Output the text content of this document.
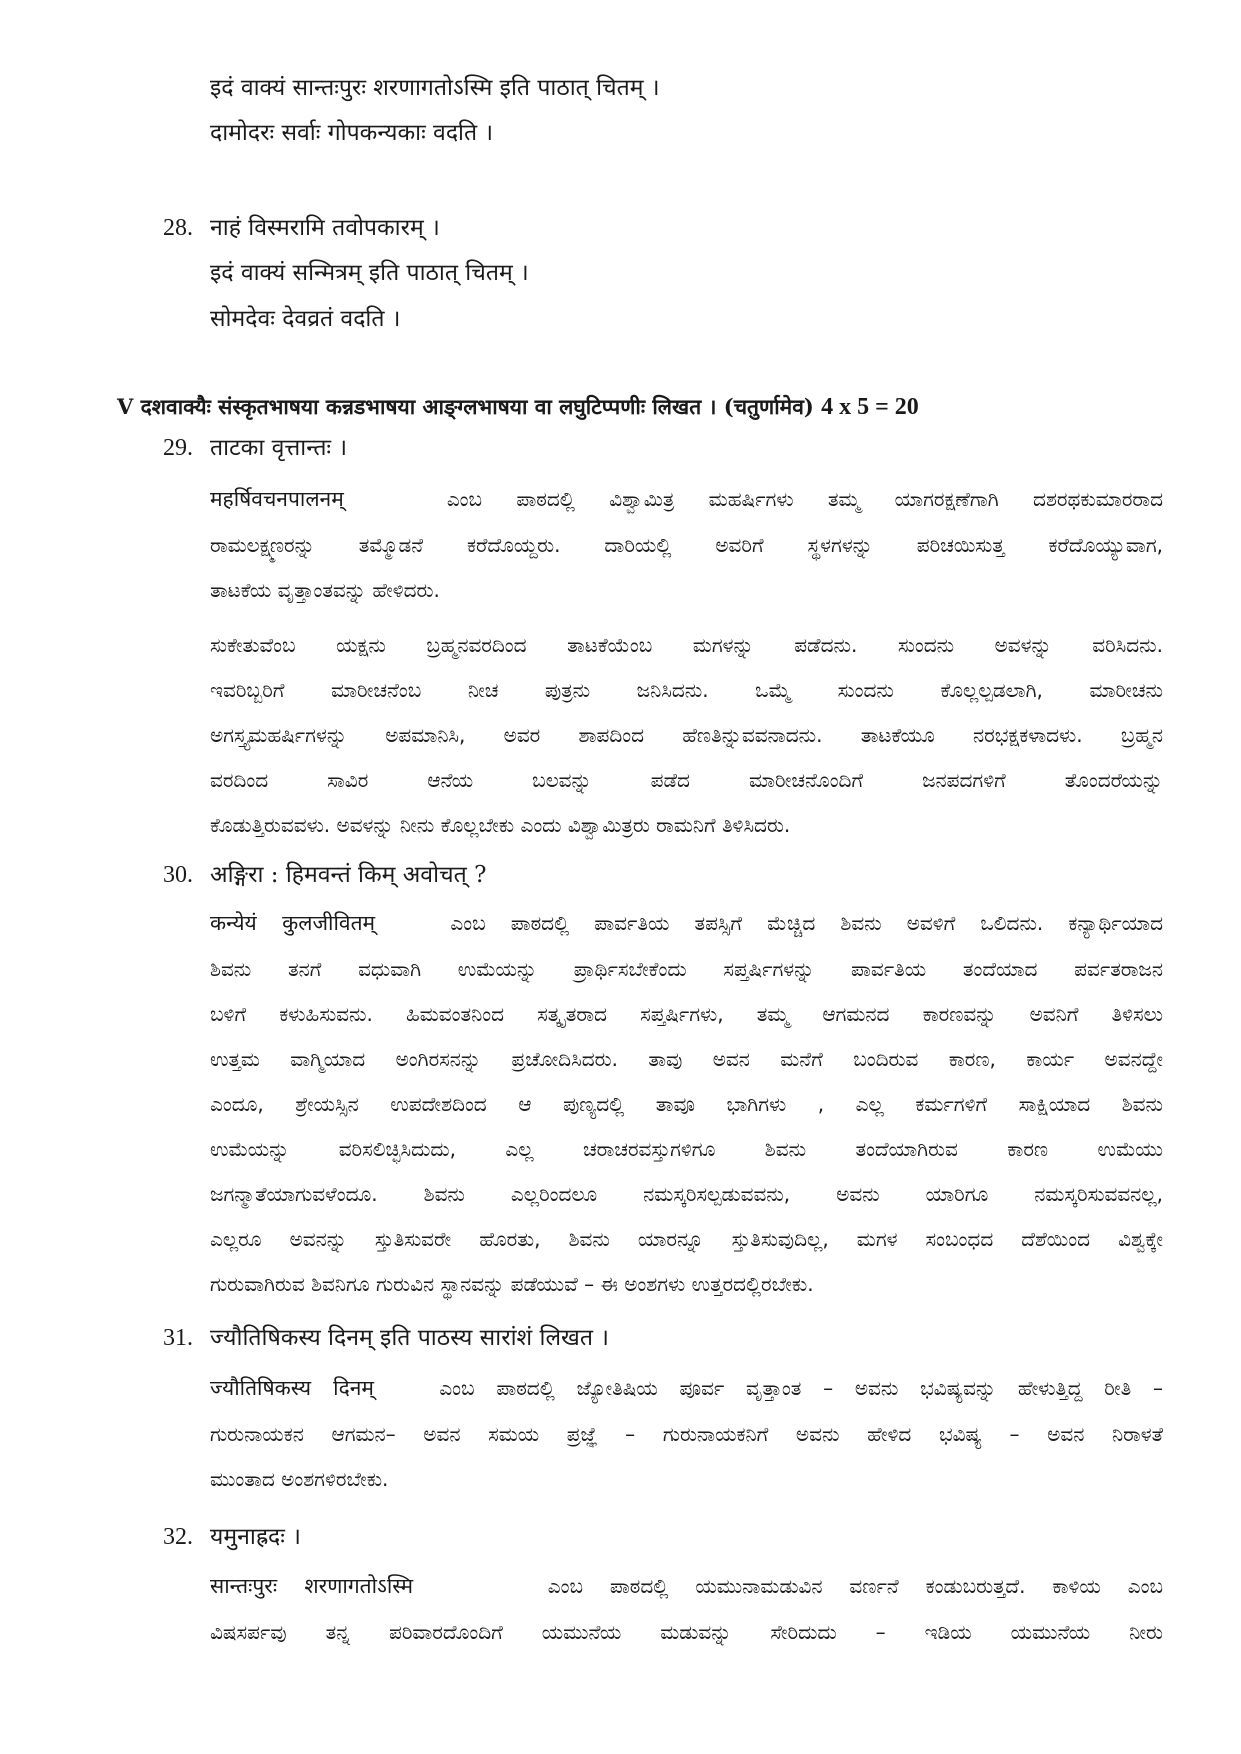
इदं वाक्यं सान्तःपुरः शरणागतोऽस्मि इति पाठात् चितम् ।
दामोदरः सर्वाः गोपकन्यकाः वदति ।
28. नाहं विस्मरामि तवोपकारम् ।
इदं वाक्यं सन्मित्रम् इति पाठात् चितम् ।
सोमदेवः देवव्रतं वदति ।
V दशवाक्यैः संस्कृतभाषया कन्नडभाषया आङ्ग्लभाषया वा लघुटिप्पणीः लिखत । (चतुर्णामेव) 4 x 5 = 20
29. ताटका वृत्तान्तः ।
महर्षिवचनपालनम्	ಎಂಬ ಪಾಠದಲ್ಲಿ ವಿಶ್ವಾಮಿತ್ರ ಮಹರ್ಷಿಗಳು ತಮ್ಮ ಯಾಗರಕ್ಷಣೆಗಾಗಿ ದಶರಥಕುಮಾರರಾದ
ರಾಮಲಕ್ಷ್ಮಣರನ್ನು ತಮ್ಮೊಡನೆ ಕರೆದೊಯ್ದರು. ದಾರಿಯಲ್ಲಿ ಅವರಿಗೆ ಸ್ಥಳಗಳನ್ನು ಪರಿಚಯಿಸುತ್ತ ಕರೆದೊಯ್ಯುವಾಗ,
ತಾಟಕೆಯ ವೃತ್ತಾಂತವನ್ನು ಹೇಳಿದರು.
ಸುಕೇತುವೆಂಬ ಯಕ್ಷನು ಬ್ರಹ್ಮನವರದಿಂದ ತಾಟಕೆಯೆಂಬ ಮಗಳನ್ನು ಪಡೆದನು. ಸುಂದನು ಅವಳನ್ನು ವರಿಸಿದನು.
ಇವರಿಬ್ಬರಿಗೆ ಮಾರೀಚನೆಂಬ ನೀಚ ಪುತ್ರನು ಜನಿಸಿದನು. ಒಮ್ಮೆ ಸುಂದನು ಕೊಲ್ಲಲ್ಪಡಲಾಗಿ, ಮಾರೀಚನು
ಅಗಸ್ತ್ಯಮಹರ್ಷಿಗಳನ್ನು ಅಪಮಾನಿಸಿ, ಅವರ ಶಾಪದಿಂದ ಹೆಣತಿನ್ನುವವನಾದನು. ತಾಟಕೆಯೂ ನರಭಕ್ಷಕಳಾದಳು. ಬ್ರಹ್ಮನ
ವರದಿಂದ ಸಾವಿರ ಆನೆಯ ಬಲವನ್ನು ಪಡೆದ ಮಾರೀಚನೊಂದಿಗೆ ಜನಪದಗಳಿಗೆ ತೊಂದರೆಯನ್ನು
ಕೊಡುತ್ತಿರುವವಳು. ಅವಳನ್ನು ನೀನು ಕೊಲ್ಲಬೇಕು ಎಂದು ವಿಶ್ವಾಮಿತ್ರರು ರಾಮನಿಗೆ ತಿಳಿಸಿದರು.
30. अङ्गिरा : हिमवन्तं किम् अवोचत् ?
कन्येयं कुलजीवितम्	ಎಂಬ ಪಾಠದಲ್ಲಿ ಪಾರ್ವತಿಯ ತಪಸ್ಸಿಗೆ ಮೆಚ್ಚಿದ ಶಿವನು ಅವಳಿಗೆ ಒಲಿದನು. ಕನ್ಯಾರ್ಥಿಯಾದ
ಶಿವನು ತನಗೆ ವಧುವಾಗಿ ಉಮೆಯನ್ನು ಪ್ರಾರ್ಥಿಸಬೇಕೆಂದು ಸಪ್ತರ್ಷಿಗಳನ್ನು ಪಾರ್ವತಿಯ ತಂದೆಯಾದ ಪರ್ವತರಾಜನ
ಬಳಿಗೆ ಕಳುಹಿಸುವನು. ಹಿಮವಂತನಿಂದ ಸತ್ಕೃತರಾದ ಸಪ್ತರ್ಷಿಗಳು, ತಮ್ಮ ಆಗಮನದ ಕಾರಣವನ್ನು ಅವನಿಗೆ ತಿಳಿಸಲು
ಉತ್ತಮ ವಾಗ್ಮಿಯಾದ ಅಂಗಿರಸನನ್ನು ಪ್ರಚೋದಿಸಿದರು. ತಾವು ಅವನ ಮನೆಗೆ ಬಂದಿರುವ ಕಾರಣ, ಕಾರ್ಯ ಅವನದ್ದೇ
ಎಂದೂ, ಶ್ರೇಯಸ್ಸಿನ ಉಪದೇಶದಿಂದ ಆ ಪುಣ್ಯದಲ್ಲಿ ತಾವೂ ಭಾಗಿಗಳು , ಎಲ್ಲ ಕರ್ಮಗಳಿಗೆ ಸಾಕ್ಷಿಯಾದ ಶಿವನು
ಉಮೆಯನ್ನು ವರಿಸಲಿಚ್ಛಿಸಿದುದು, ಎಲ್ಲ ಚರಾಚರವಸ್ತುಗಳಿಗೂ ಶಿವನು ತಂದೆಯಾಗಿರುವ ಕಾರಣ ಉಮೆಯು
ಜಗನ್ಮಾತೆಯಾಗುವಳೆಂದೂ. ಶಿವನು ಎಲ್ಲರಿಂದಲೂ ನಮಸ್ಕರಿಸಲ್ಪಡುವವನು, ಅವನು ಯಾರಿಗೂ ನಮಸ್ಕರಿಸುವವನಲ್ಲ,
ಎಲ್ಲರೂ ಅವನನ್ನು ಸ್ತುತಿಸುವರೇ ಹೊರತು, ಶಿವನು ಯಾರನ್ನೂ ಸ್ತುತಿಸುವುದಿಲ್ಲ, ಮಗಳ ಸಂಬಂಧದ ದೆಶೆಯಿಂದ ವಿಶ್ವಕ್ಕೇ
ಗುರುವಾಗಿರುವ ಶಿವನಿಗೂ ಗುರುವಿನ ಸ್ಥಾನವನ್ನು ಪಡೆಯುವೆ – ಈ ಅಂಶಗಳು ಉತ್ತರದಲ್ಲಿರಬೇಕು.
31. ज्यौतिषिकस्य दिनम् इति पाठस्य सारांशं लिखत ।
ज्यौतिषिकस्य दिनम्	ಎಂಬ ಪಾಠದಲ್ಲಿ ಜ್ಯೋತಿಷಿಯ ಪೂರ್ವ ವೃತ್ತಾಂತ – ಅವನು ಭವಿಷ್ಯವನ್ನು ಹೇಳುತ್ತಿದ್ದ ರೀತಿ –
ಗುರುನಾಯಕನ ಆಗಮನ– ಅವನ ಸಮಯ ಪ್ರಜ್ಞೆ – ಗುರುನಾಯಕನಿಗೆ ಅವನು ಹೇಳಿದ ಭವಿಷ್ಯ – ಅವನ ನಿರಾಳತೆ
ಮುಂತಾದ ಅಂಶಗಳಿರಬೇಕು.
32. यमुनाह्रदः ।
सान्तःपुरः शरणागतोऽस्मि	ಎಂಬ ಪಾಠದಲ್ಲಿ ಯಮುನಾಮಡುವಿನ ವರ್ಣನೆ ಕಂಡುಬರುತ್ತದೆ. ಕಾಳಿಯ ಎಂಬ
ವಿಷಸರ್ಪವು ತನ್ನ ಪರಿವಾರದೊಂದಿಗೆ ಯಮುನೆಯ ಮಡುವನ್ನು ಸೇರಿದುದು – ಇಡಿಯ ಯಮುನೆಯ ನೀರು
